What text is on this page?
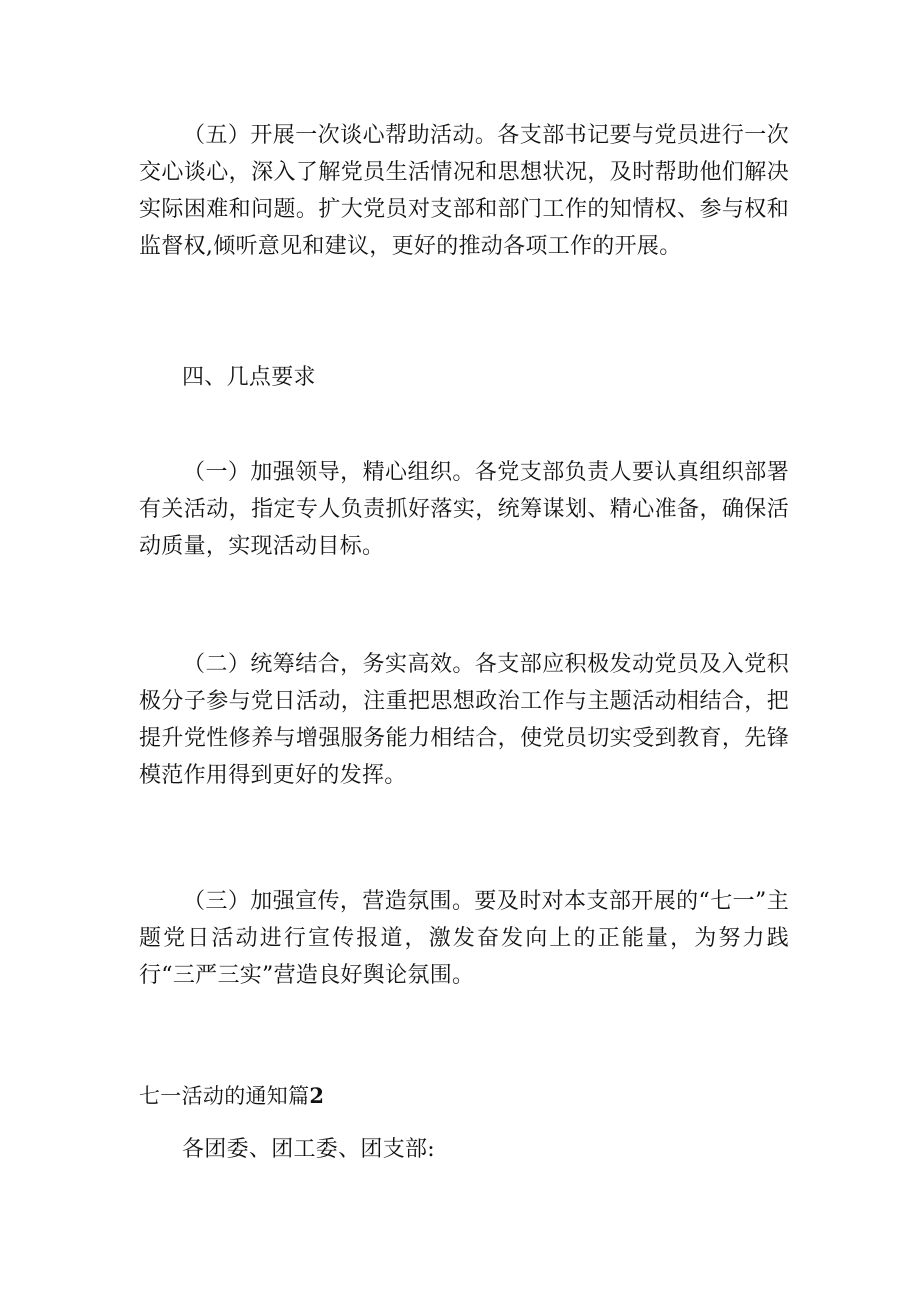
（五）开展一次谈心帮助活动。各支部书记要与党员进行一次交心谈心，深入了解党员生活情况和思想状况，及时帮助他们解决实际困难和问题。扩大党员对支部和部门工作的知情权、参与权和监督权,倾听意见和建议，更好的推动各项工作的开展。

四、几点要求

（一）加强领导，精心组织。各党支部负责人要认真组织部署有关活动，指定专人负责抓好落实，统筹谋划、精心准备，确保活动质量，实现活动目标。

（二）统筹结合，务实高效。各支部应积极发动党员及入党积极分子参与党日活动，注重把思想政治工作与主题活动相结合，把提升党性修养与增强服务能力相结合，使党员切实受到教育，先锋模范作用得到更好的发挥。

（三）加强宣传，营造氛围。要及时对本支部开展的“七一”主题党日活动进行宣传报道，激发奋发向上的正能量，为努力践行“三严三实”营造良好舆论氛围。

七一活动的通知篇2

各团委、团工委、团支部:
